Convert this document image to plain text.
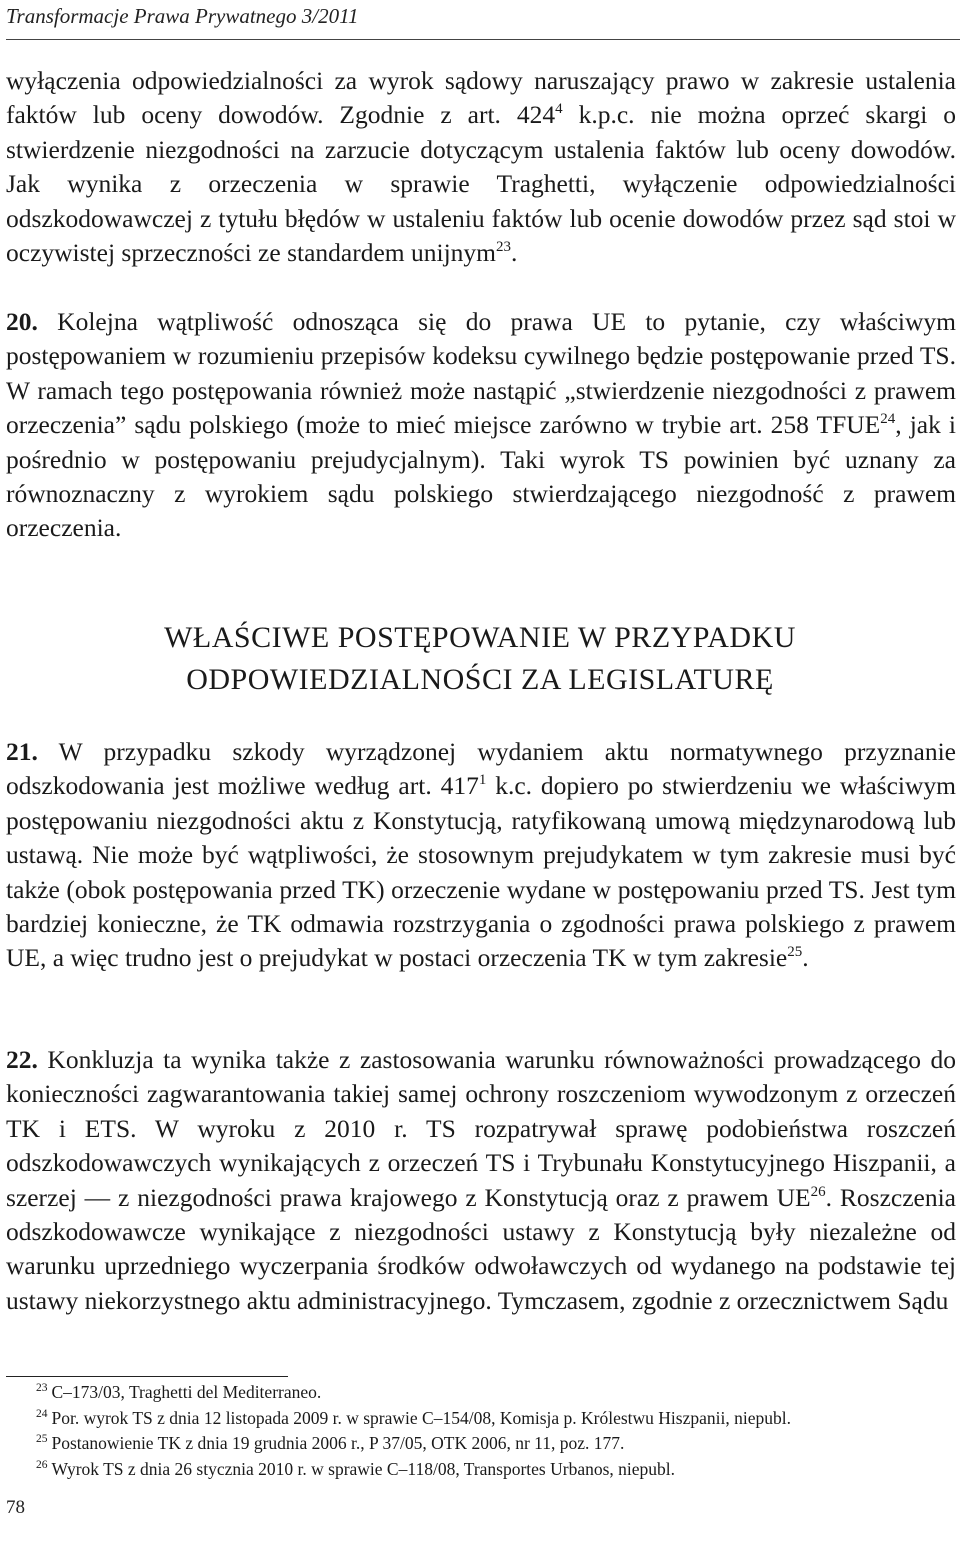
Transformacje Prawa Prywatnego 3/2011

wyłączenia odpowiedzialności za wyrok sądowy naruszający prawo w zakresie ustalenia faktów lub oceny dowodów. Zgodnie z art. $424^4$ k.p.c. nie można oprzeć skargi o stwierdzenie niezgodności na zarzucie dotyczącym ustalenia faktów lub oceny dowodów. Jak wynika z orzeczenia w sprawie Traghetti, wyłączenie odpowiedzialności odszkodowawczej z tytułu błędów w ustaleniu faktów lub ocenie dowodów przez sąd stoi w oczywistej sprzeczności ze standardem unijnym$^{23}$.

20. Kolejna wątpliwość odnosząca się do prawa UE to pytanie, czy właściwym postępowaniem w rozumieniu przepisów kodeksu cywilnego będzie postępowanie przed TS. W ramach tego postępowania również może nastąpić „stwierdzenie niezgodności z prawem orzeczenia” sądu polskiego (może to mieć miejsce zarówno w trybie art. 258 TFUE$^{24}$, jak i pośrednio w postępowaniu prejudycjalnym). Taki wyrok TS powinien być uznany za równoznaczny z wyrokiem sądu polskiego stwierdzającego niezgodność z prawem orzeczenia.

WŁAŚCIWE POSTĘPOWANIE W PRZYPADKU
ODPOWIEDZIALNOŚCI ZA LEGISLATURĘ

21. W przypadku szkody wyrządzonej wydaniem aktu normatywnego przyznanie odszkodowania jest możliwe według art. $417^1$ k.c. dopiero po stwierdzeniu we właściwym postępowaniu niezgodności aktu z Konstytucją, ratyfikowaną umową międzynarodową lub ustawą. Nie może być wątpliwości, że stosownym prejudykatem w tym zakresie musi być także (obok postępowania przed TK) orzeczenie wydane w postępowaniu przed TS. Jest tym bardziej konieczne, że TK odmawia rozstrzygania o zgodności prawa polskiego z prawem UE, a więc trudno jest o prejudykat w postaci orzeczenia TK w tym zakresie$^{25}$.

22. Konkluzja ta wynika także z zastosowania warunku równoważności prowadzącego do konieczności zagwarantowania takiej samej ochrony roszczeniom wywodzonym z orzeczeń TK i ETS. W wyroku z 2010 r. TS rozpatrywał sprawę podobieństwa roszczeń odszkodowawczych wynikających z orzeczeń TS i Trybunału Konstytucyjnego Hiszpanii, a szerzej — z niezgodności prawa krajowego z Konstytucją oraz z prawem UE$^{26}$. Roszczenia odszkodowawcze wynikające z niezgodności ustawy z Konstytucją były niezależne od warunku uprzedniego wyczerpania środków odwoławczych od wydanego na podstawie tej ustawy niekorzystnego aktu administracyjnego. Tymczasem, zgodnie z orzecznictwem Sądu

$^{23}$ C–173/03, Traghetti del Mediterraneo.
$^{24}$ Por. wyrok TS z dnia 12 listopada 2009 r. w sprawie C–154/08, Komisja p. Królestwu Hiszpanii, niepubl.
$^{25}$ Postanowienie TK z dnia 19 grudnia 2006 r., P 37/05, OTK 2006, nr 11, poz. 177.
$^{26}$ Wyrok TS z dnia 26 stycznia 2010 r. w sprawie C–118/08, Transportes Urbanos, niepubl.
78
